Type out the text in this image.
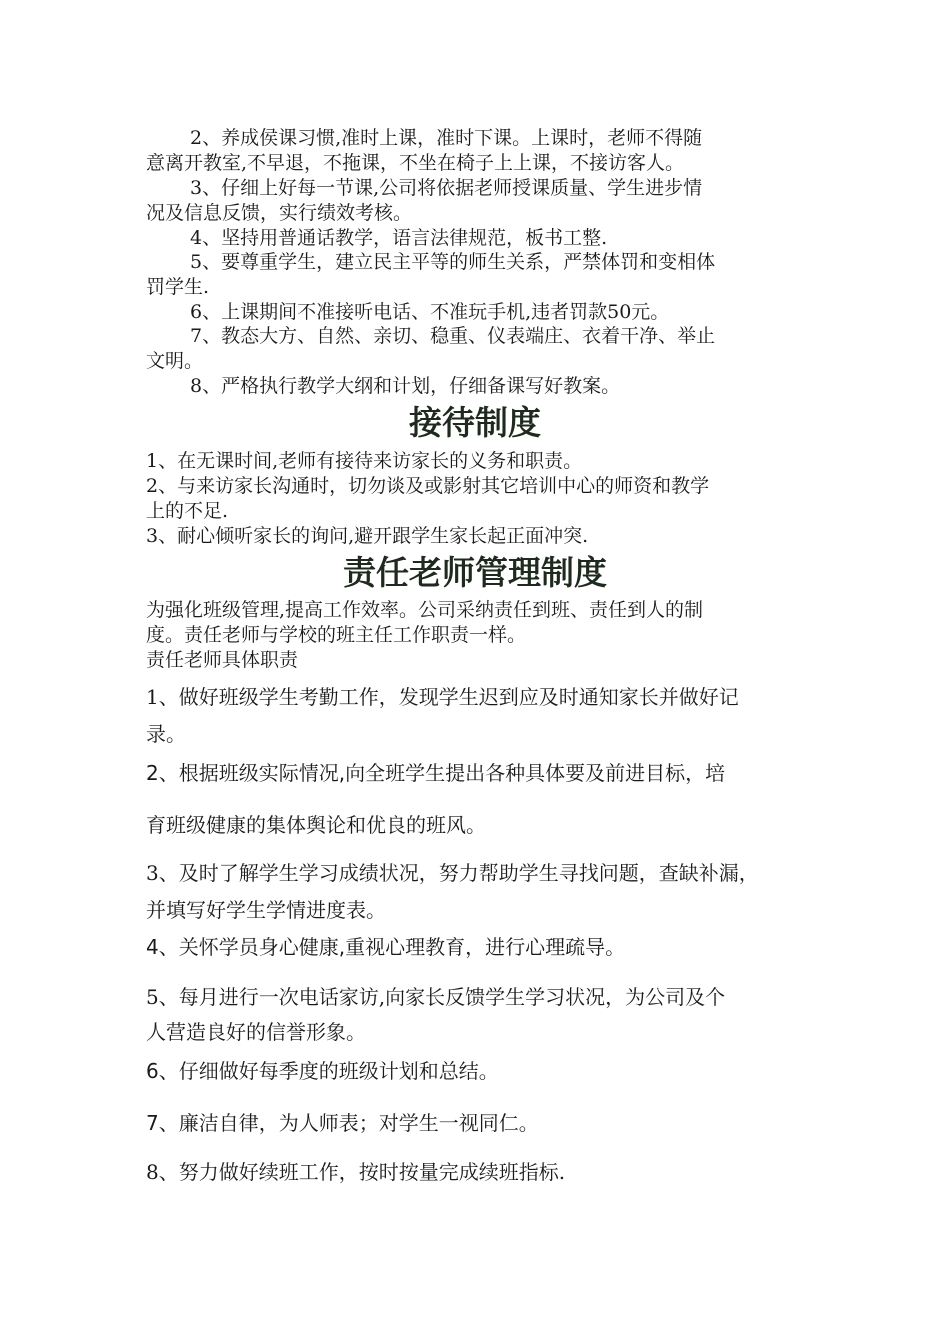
2、养成侯课习惯,准时上课，准时下课。上课时，老师不得随
意离开教室,不早退，不拖课，不坐在椅子上上课，不接访客人。
3、仔细上好每一节课,公司将依据老师授课质量、学生进步情
况及信息反馈，实行绩效考核。
4、坚持用普通话教学，语言法律规范，板书工整.
5、要尊重学生，建立民主平等的师生关系，严禁体罚和变相体
罚学生.
6、上课期间不准接听电话、不准玩手机,违者罚款50元。
7、教态大方、自然、亲切、稳重、仪表端庄、衣着干净、举止
文明。
8、严格执行教学大纲和计划，仔细备课写好教案。
接待制度
1、在无课时间,老师有接待来访家长的义务和职责。
2、与来访家长沟通时，切勿谈及或影射其它培训中心的师资和教学
上的不足.
3、耐心倾听家长的询问,避开跟学生家长起正面冲突.
责任老师管理制度
为强化班级管理,提高工作效率。公司采纳责任到班、责任到人的制
度。责任老师与学校的班主任工作职责一样。
责任老师具体职责
1、做好班级学生考勤工作，发现学生迟到应及时通知家长并做好记
录。
2、根据班级实际情况,向全班学生提出各种具体要及前进目标，培
育班级健康的集体舆论和优良的班风。
3、及时了解学生学习成绩状况，努力帮助学生寻找问题，查缺补漏，
并填写好学生学情进度表。
4、关怀学员身心健康,重视心理教育，进行心理疏导。
5、每月进行一次电话家访,向家长反馈学生学习状况，为公司及个
人营造良好的信誉形象。
6、仔细做好每季度的班级计划和总结。
7、廉洁自律，为人师表；对学生一视同仁。
8、努力做好续班工作，按时按量完成续班指标.
